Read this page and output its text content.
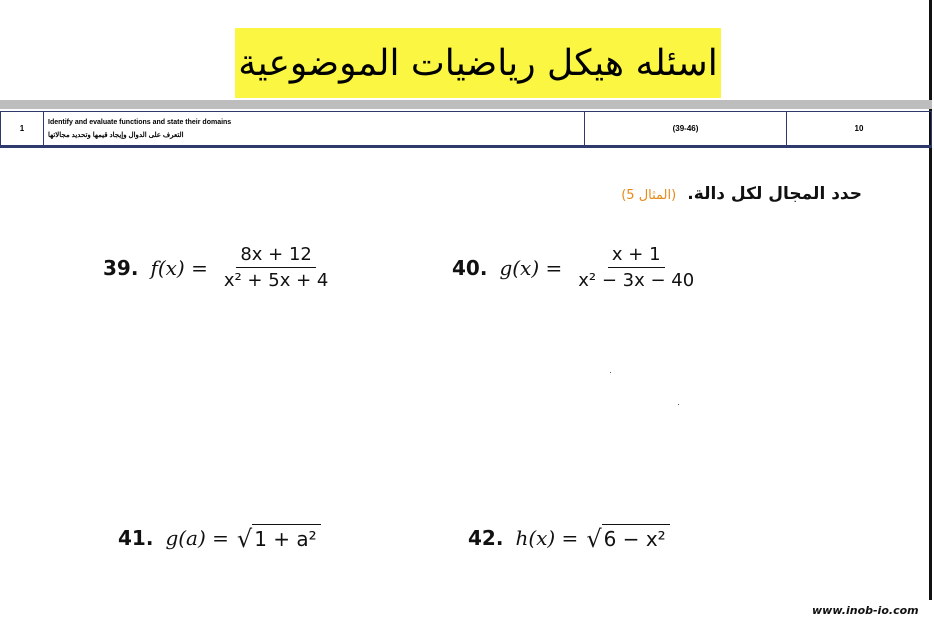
اسئله هيكل رياضيات الموضوعية
1	Identify and evaluate functions and state their domains
التعرف على الدوال وإيجاد قيمها وتحديد مجالاتها
	(39-46)	10
حدد المجال لكل دالة. (المثال 5)
39. $f(x) = \frac{8x + 12}{\text{x² + 5x + 4}}$	40. $g(x) = \frac{x + 1}{\text{x² − 3x − 40}}$
41. g(a) = √ 1 + a²	42. h(x) = √ 6 − x²
www.inob-io.com
